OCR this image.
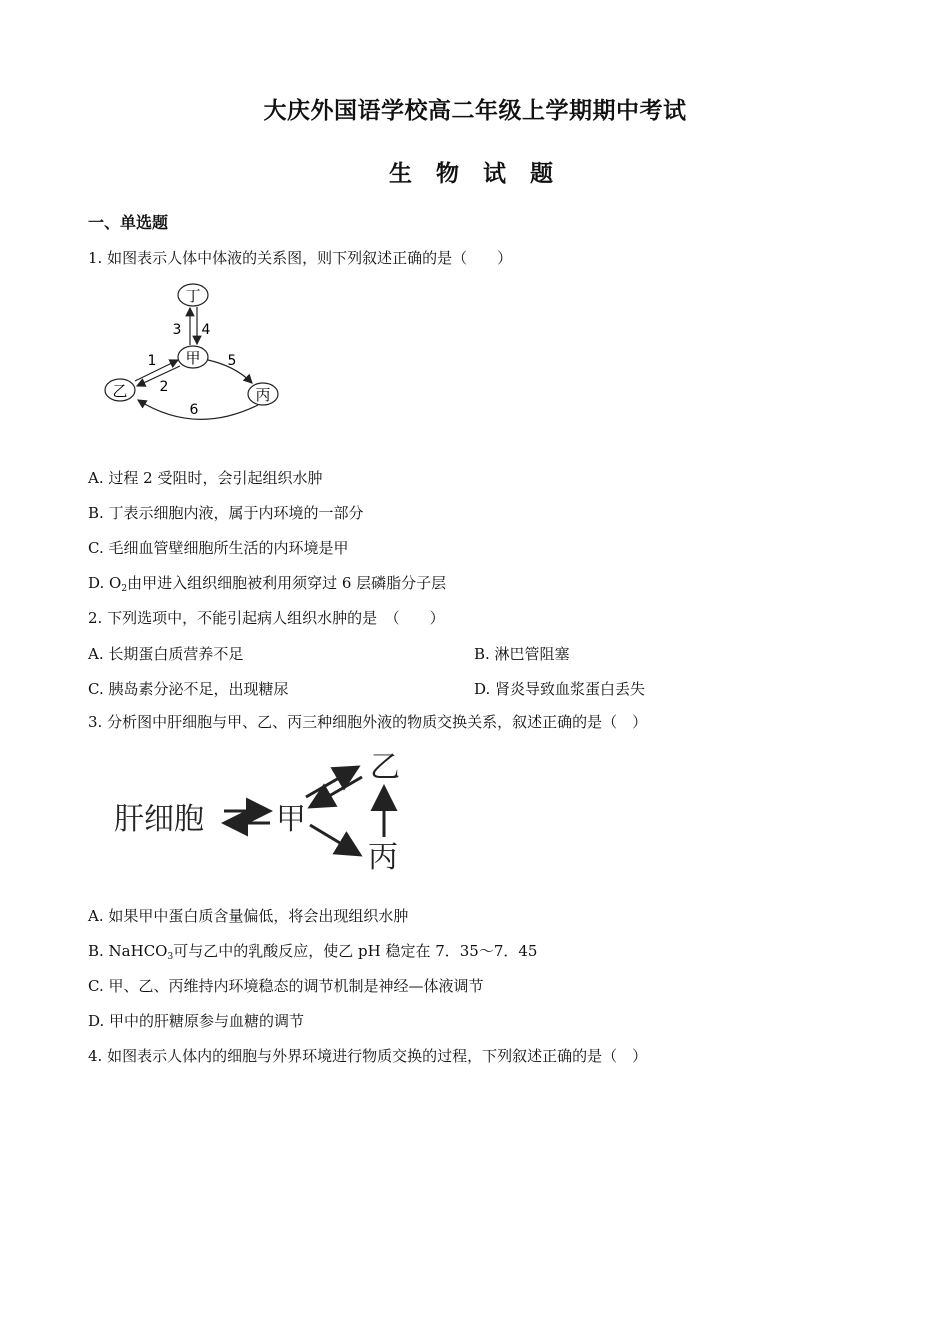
大庆外国语学校高二年级上学期期中考试
生 物 试 题
一、单选题
1. 如图表示人体中体液的关系图，则下列叙述正确的是（　　）
丁
甲
乙	丙
3 4
1
2
5
6
A. 过程 2 受阻时，会引起组织水肿
B. 丁表示细胞内液，属于内环境的一部分
C. 毛细血管壁细胞所生活的内环境是甲
D. $O_2$由甲进入组织细胞被利用须穿过 6 层磷脂分子层
2. 下列选项中，不能引起病人组织水肿的是　（　　）
A. 长期蛋白质营养不足	B. 淋巴管阻塞
C. 胰岛素分泌不足，出现糖尿	D. 肾炎导致血浆蛋白丢失
3. 分析图中肝细胞与甲、乙、丙三种细胞外液的物质交换关系，叙述正确的是（　）
肝细胞 甲
乙
丙
A. 如果甲中蛋白质含量偏低，将会出现组织水肿
B. NaHCO$_3$可与乙中的乳酸反应，使乙 pH 稳定在 7．35～7．45
C. 甲、乙、丙维持内环境稳态的调节机制是神经—体液调节
D. 甲中的肝糖原参与血糖的调节
4. 如图表示人体内的细胞与外界环境进行物质交换的过程，下列叙述正确的是（　）
